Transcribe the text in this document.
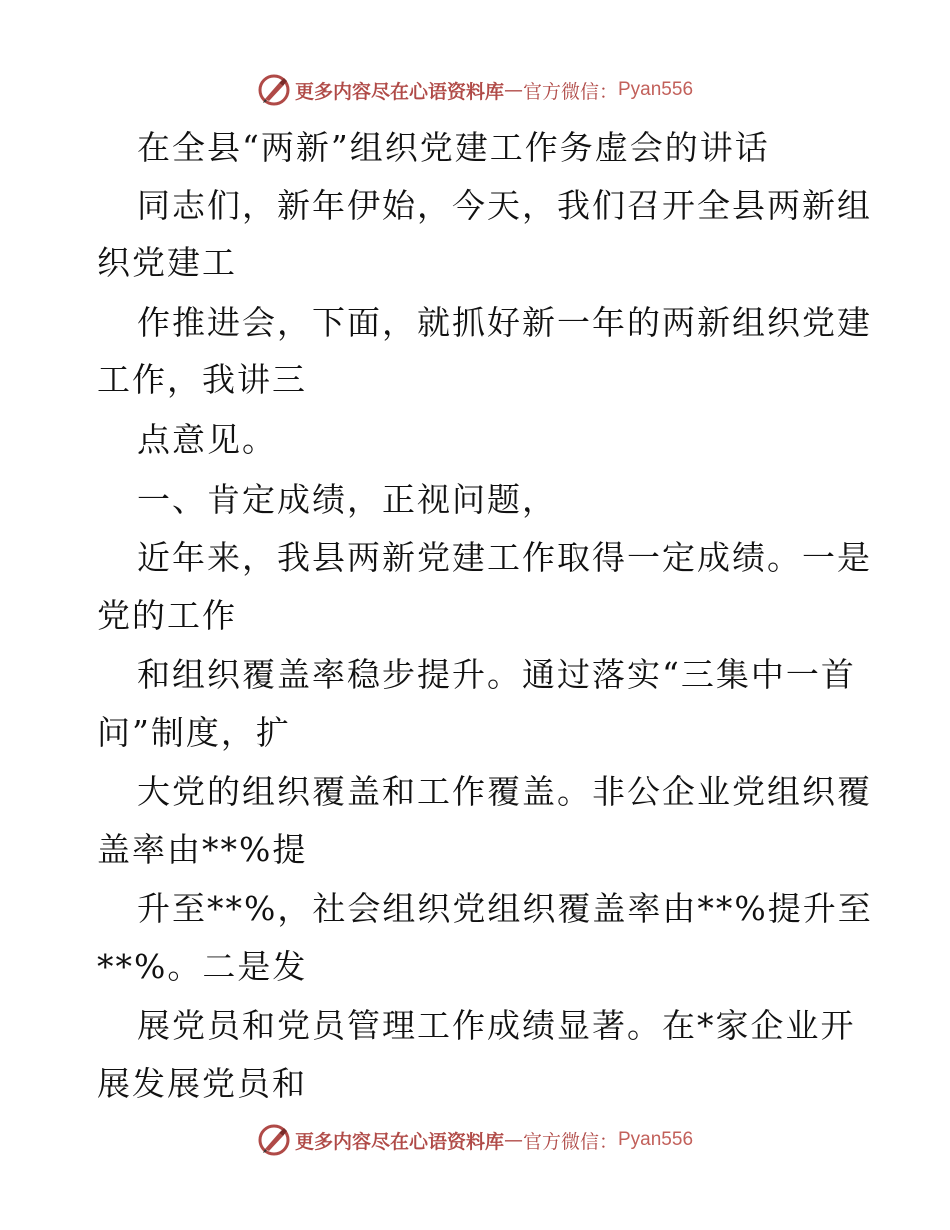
更多内容尽在心语资料库 — 官方微信： Pyan556
在全县“两新”组织党建工作务虚会的讲话
同志们，新年伊始，今天，我们召开全县两新组
织党建工
作推进会，下面，就抓好新一年的两新组织党建
工作，我讲三
点意见。
一、肯定成绩，正视问题，
近年来，我县两新党建工作取得一定成绩。一是
党的工作
和组织覆盖率稳步提升。通过落实“三集中一首
问”制度，扩
大党的组织覆盖和工作覆盖。非公企业党组织覆
盖率由**%提
升至**%，社会组织党组织覆盖率由**%提升至
**%。二是发
展党员和党员管理工作成绩显著。在*家企业开
展发展党员和
更多内容尽在心语资料库 — 官方微信： Pyan556
